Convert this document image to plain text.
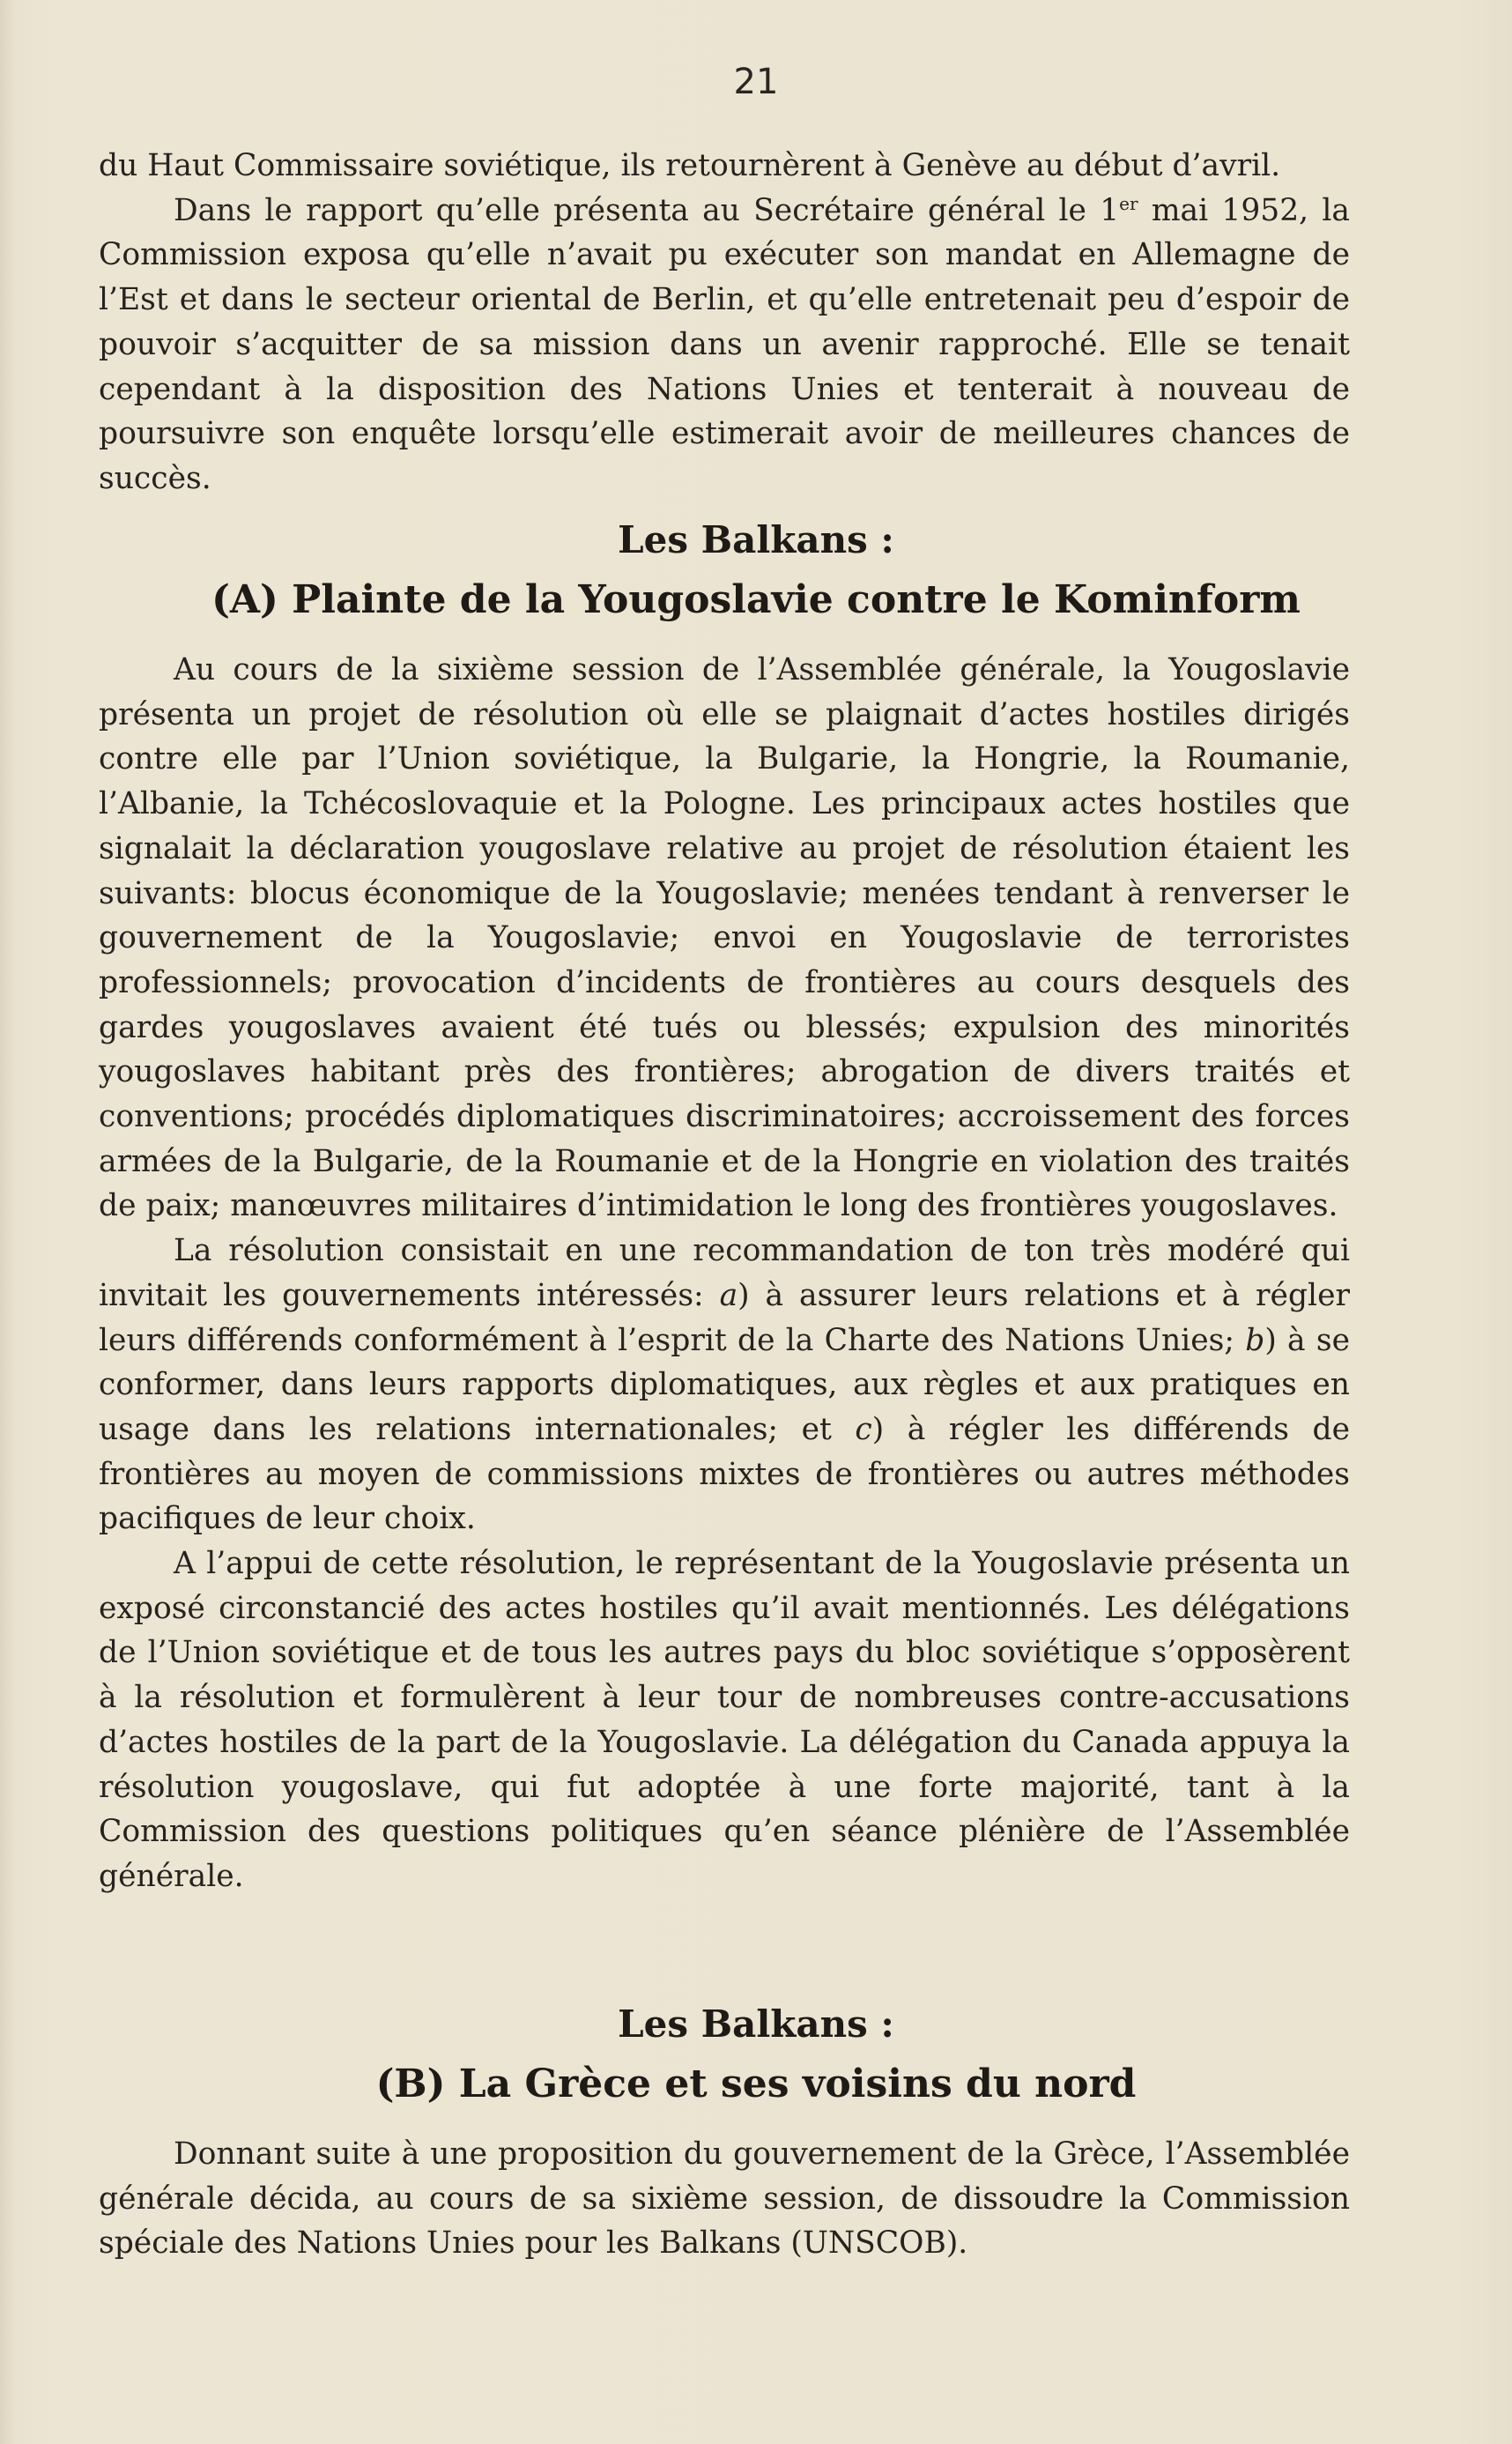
21

du Haut Commissaire soviétique, ils retournèrent à Genève au début d’avril.

Dans le rapport qu’elle présenta au Secrétaire général le 1er mai 1952, la Commission exposa qu’elle n’avait pu exécuter son mandat en Allemagne de l’Est et dans le secteur oriental de Berlin, et qu’elle entretenait peu d’espoir de pouvoir s’acquitter de sa mission dans un avenir rapproché. Elle se tenait cependant à la disposition des Nations Unies et tenterait à nouveau de poursuivre son enquête lorsqu’elle estimerait avoir de meilleures chances de succès.

Les Balkans :
(A) Plainte de la Yougoslavie contre le Kominform

Au cours de la sixième session de l’Assemblée générale, la Yougoslavie présenta un projet de résolution où elle se plaignait d’actes hostiles dirigés contre elle par l’Union soviétique, la Bulgarie, la Hongrie, la Roumanie, l’Albanie, la Tchécoslovaquie et la Pologne. Les principaux actes hostiles que signalait la déclaration yougoslave relative au projet de résolution étaient les suivants: blocus économique de la Yougoslavie; menées tendant à renverser le gouvernement de la Yougoslavie; envoi en Yougoslavie de terroristes professionnels; provocation d’incidents de frontières au cours desquels des gardes yougoslaves avaient été tués ou blessés; expulsion des minorités yougoslaves habitant près des frontières; abrogation de divers traités et conventions; procédés diplomatiques discriminatoires; accroissement des forces armées de la Bulgarie, de la Roumanie et de la Hongrie en violation des traités de paix; manœuvres militaires d’intimidation le long des frontières yougoslaves.

La résolution consistait en une recommandation de ton très modéré qui invitait les gouvernements intéressés: a) à assurer leurs relations et à régler leurs différends conformément à l’esprit de la Charte des Nations Unies; b) à se conformer, dans leurs rapports diplomatiques, aux règles et aux pratiques en usage dans les relations internationales; et c) à régler les différends de frontières au moyen de commissions mixtes de frontières ou autres méthodes pacifiques de leur choix.

A l’appui de cette résolution, le représentant de la Yougoslavie présenta un exposé circonstancié des actes hostiles qu’il avait mentionnés. Les délégations de l’Union soviétique et de tous les autres pays du bloc soviétique s’opposèrent à la résolution et formulèrent à leur tour de nombreuses contre-accusations d’actes hostiles de la part de la Yougoslavie. La délégation du Canada appuya la résolution yougoslave, qui fut adoptée à une forte majorité, tant à la Commission des questions politiques qu’en séance plénière de l’Assemblée générale.

Les Balkans :
(B) La Grèce et ses voisins du nord

Donnant suite à une proposition du gouvernement de la Grèce, l’Assemblée générale décida, au cours de sa sixième session, de dissoudre la Commission spéciale des Nations Unies pour les Balkans (UNSCOB).
